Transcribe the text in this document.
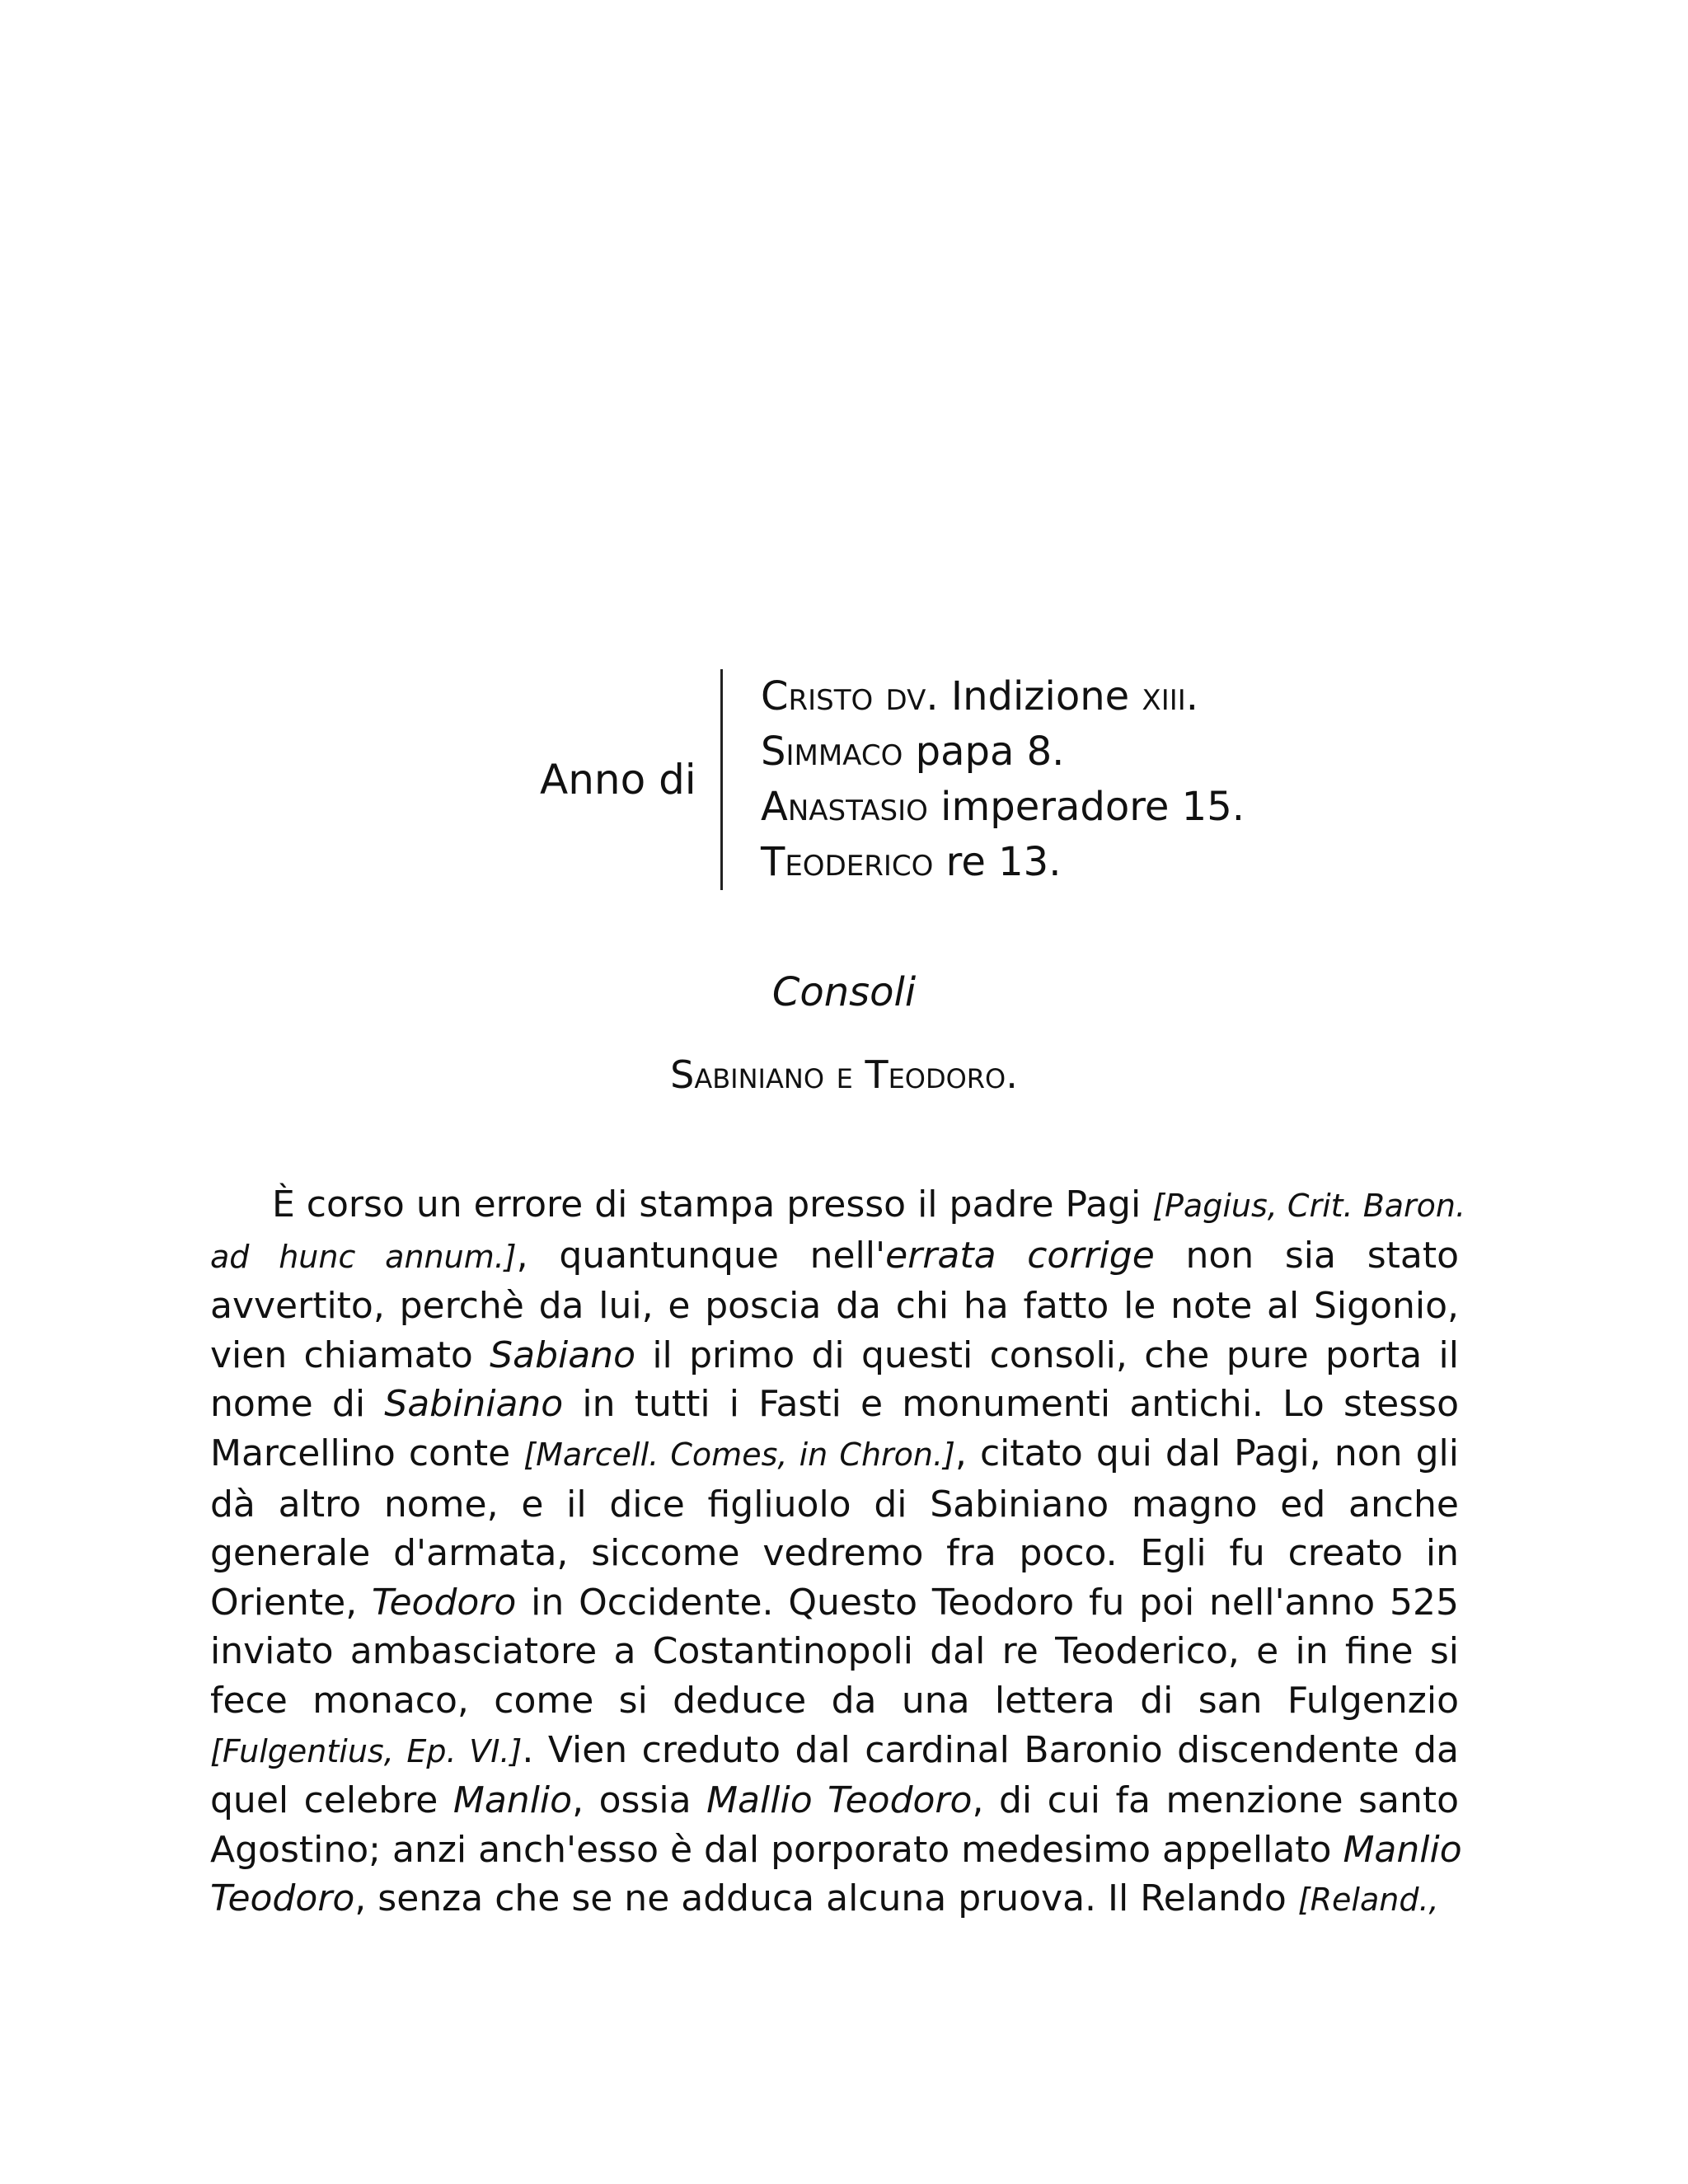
Anno di
Cristo dv. Indizione xiii.
Simmaco papa 8.
Anastasio imperadore 15.
Teoderico re 13.
Consoli
Sabiniano e Teodoro.
È corso un errore di stampa presso il padre Pagi [Pagius, Crit. Baron.
ad hunc annum.], quantunque nell'errata corrige non sia stato
avvertito, perchè da lui, e poscia da chi ha fatto le note al Sigonio,
vien chiamato Sabiano il primo di questi consoli, che pure porta il
nome di Sabiniano in tutti i Fasti e monumenti antichi. Lo stesso
Marcellino conte [Marcell. Comes, in Chron.], citato qui dal Pagi, non gli
dà altro nome, e il dice figliuolo di Sabiniano magno ed anche
generale d'armata, siccome vedremo fra poco. Egli fu creato in
Oriente, Teodoro in Occidente. Questo Teodoro fu poi nell'anno 525
inviato ambasciatore a Costantinopoli dal re Teoderico, e in fine si
fece monaco, come si deduce da una lettera di san Fulgenzio
[Fulgentius, Ep. VI.]. Vien creduto dal cardinal Baronio discendente da
quel celebre Manlio, ossia Mallio Teodoro, di cui fa menzione santo
Agostino; anzi anch'esso è dal porporato medesimo appellato Manlio
Teodoro, senza che se ne adduca alcuna pruova. Il Relando [Reland.,
